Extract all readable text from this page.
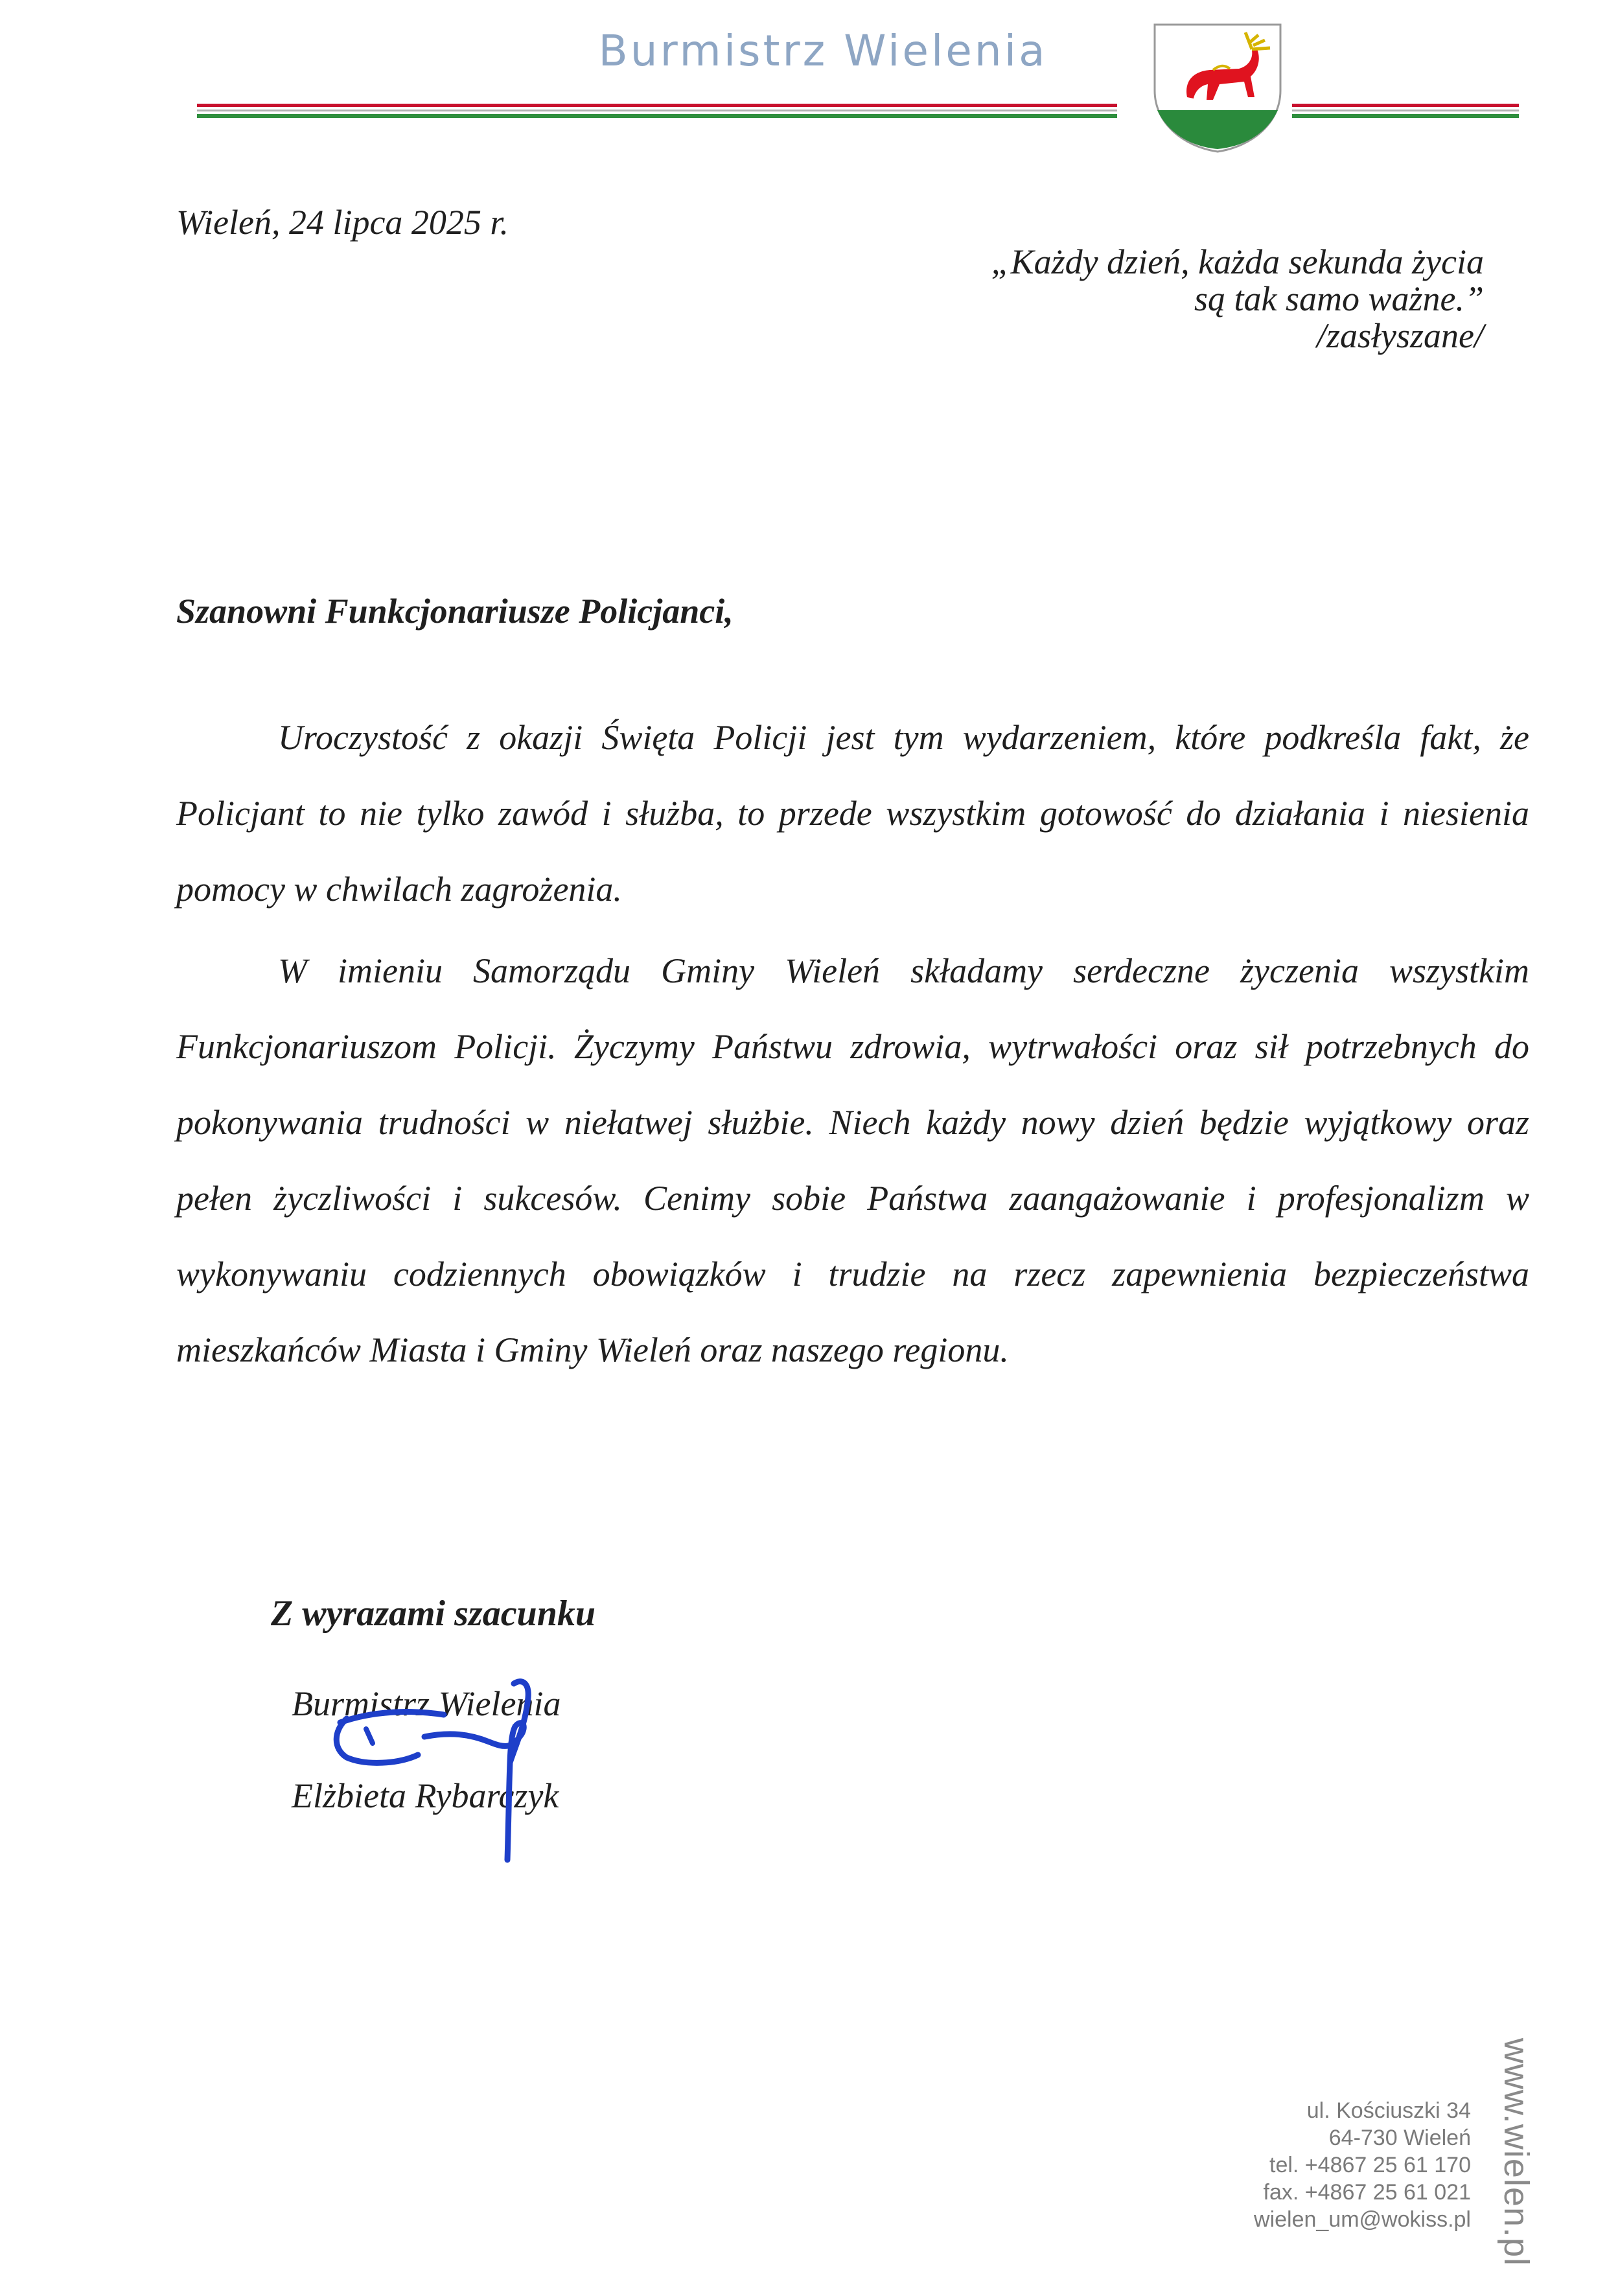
Burmistrz Wielenia
Wieleń, 24 lipca 2025 r.
„Każdy dzień, każda sekunda życia
są tak samo ważne.”
/zasłyszane/
Szanowni Funkcjonariusze Policjanci,
Uroczystość z okazji Święta Policji jest tym wydarzeniem, które podkreśla fakt, że Policjant to nie tylko zawód i służba, to przede wszystkim gotowość do działania i niesienia pomocy w chwilach zagrożenia.
W imieniu Samorządu Gminy Wieleń składamy serdeczne życzenia wszystkim Funkcjonariuszom Policji. Życzymy Państwu zdrowia, wytrwałości oraz sił potrzebnych do pokonywania trudności w niełatwej służbie. Niech każdy nowy dzień będzie wyjątkowy oraz pełen życzliwości i sukcesów. Cenimy sobie Państwa zaangażowanie i profesjonalizm w wykonywaniu codziennych obowiązków i trudzie na rzecz zapewnienia bezpieczeństwa mieszkańców Miasta i Gminy Wieleń oraz naszego regionu.
Z wyrazami szacunku
Burmistrz Wielenia
Elżbieta Rybarczyk
ul. Kościuszki 34
64-730 Wieleń
tel. +4867 25 61 170
fax. +4867 25 61 021
wielen_um@wokiss.pl www.wielen.pl
